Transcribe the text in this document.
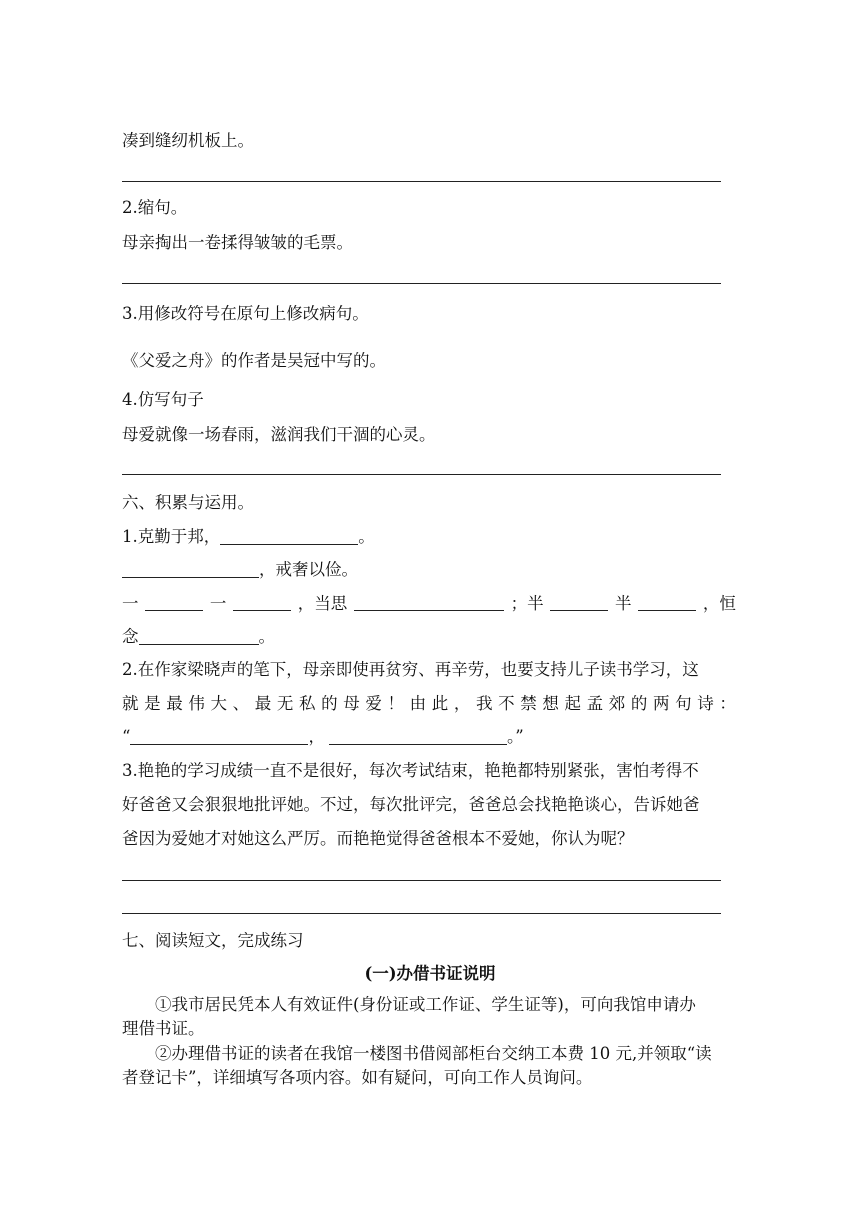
凑到缝纫机板上。
2.缩句。
母亲掏出一卷揉得皱皱的毛票。
3.用修改符号在原句上修改病句。
《父爱之舟》的作者是吴冠中写的。
4.仿写句子
母爱就像一场春雨，滋润我们干涸的心灵。
六、积累与运用。
1.克勤于邦，	。
，戒奢以俭。
一	一	，当思	；半	半	，恒
念	。
2.在作家梁晓声的笔下，母亲即使再贫穷、再辛劳，也要支持儿子读书学习，这
就 是 最 伟 大 、 最 无 私 的 母 爱 ！ 由 此 ， 我 不 禁 想 起 孟 郊 的 两 句 诗 ：
“	，	。”
3.艳艳的学习成绩一直不是很好，每次考试结束，艳艳都特别紧张，害怕考得不
好爸爸又会狠狠地批评她。不过，每次批评完，爸爸总会找艳艳谈心，告诉她爸
爸因为爱她才对她这么严厉。而艳艳觉得爸爸根本不爱她，你认为呢？
七、阅读短文，完成练习
(一)办借书证说明
①我市居民凭本人有效证件(身份证或工作证、学生证等)，可向我馆申请办
理借书证。
②办理借书证的读者在我馆一楼图书借阅部柜台交纳工本费 10 元,并领取“读
者登记卡”，详细填写各项内容。如有疑问，可向工作人员询问。
